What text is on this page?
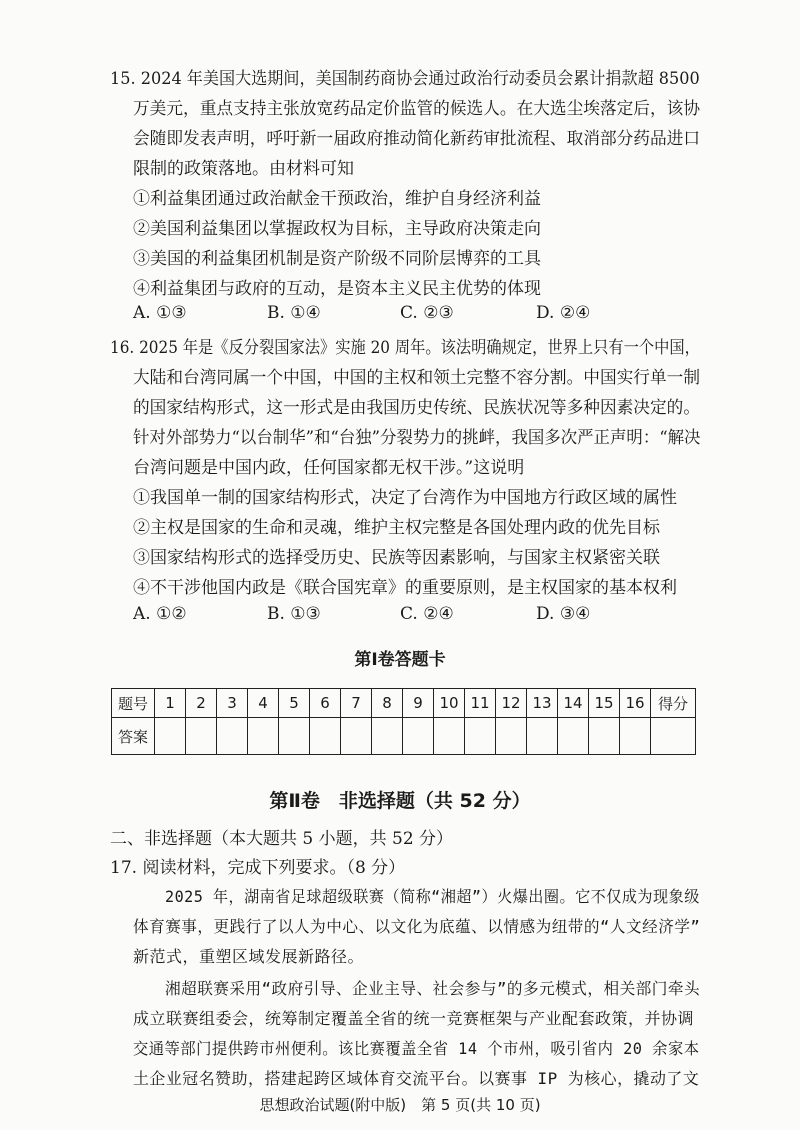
15. 2024 年美国大选期间，美国制药商协会通过政治行动委员会累计捐款超 8500
万美元，重点支持主张放宽药品定价监管的候选人。在大选尘埃落定后，该协
会随即发表声明，呼吁新一届政府推动简化新药审批流程、取消部分药品进口
限制的政策落地。由材料可知
①利益集团通过政治献金干预政治，维护自身经济利益
②美国利益集团以掌握政权为目标，主导政府决策走向
③美国的利益集团机制是资产阶级不同阶层博弈的工具
④利益集团与政府的互动，是资本主义民主优势的体现
A. ①③	B. ①④	C. ②③	D. ②④
16. 2025 年是《反分裂国家法》实施 20 周年。该法明确规定，世界上只有一个中国，
大陆和台湾同属一个中国，中国的主权和领土完整不容分割。中国实行单一制
的国家结构形式，这一形式是由我国历史传统、民族状况等多种因素决定的。
针对外部势力“以台制华”和“台独”分裂势力的挑衅，我国多次严正声明：“解决
台湾问题是中国内政，任何国家都无权干涉。”这说明
①我国单一制的国家结构形式，决定了台湾作为中国地方行政区域的属性
②主权是国家的生命和灵魂，维护主权完整是各国处理内政的优先目标
③国家结构形式的选择受历史、民族等因素影响，与国家主权紧密关联
④不干涉他国内政是《联合国宪章》的重要原则，是主权国家的基本权利
A. ①②	B. ①③	C. ②④	D. ③④
第Ⅰ卷答题卡
题号	1	2	3	4	5	6	7	8	9	10	11	12	13	14	15	16	得分
答案																	
第Ⅱ卷　非选择题（共 52 分）
二、非选择题（本大题共 5 小题，共 52 分）
17. 阅读材料，完成下列要求。（8 分）
2025 年，湖南省足球超级联赛（简称“湘超”）火爆出圈。它不仅成为现象级
体育赛事，更践行了以人为中心、以文化为底蕴、以情感为纽带的“人文经济学”
新范式，重塑区域发展新路径。
湘超联赛采用“政府引导、企业主导、社会参与”的多元模式，相关部门牵头
成立联赛组委会，统筹制定覆盖全省的统一竞赛框架与产业配套政策，并协调
交通等部门提供跨市州便利。该比赛覆盖全省 14 个市州，吸引省内 20 余家本
土企业冠名赞助，搭建起跨区域体育交流平台。以赛事 IP 为核心，撬动了文
思想政治试题(附中版)　第 5 页(共 10 页)
